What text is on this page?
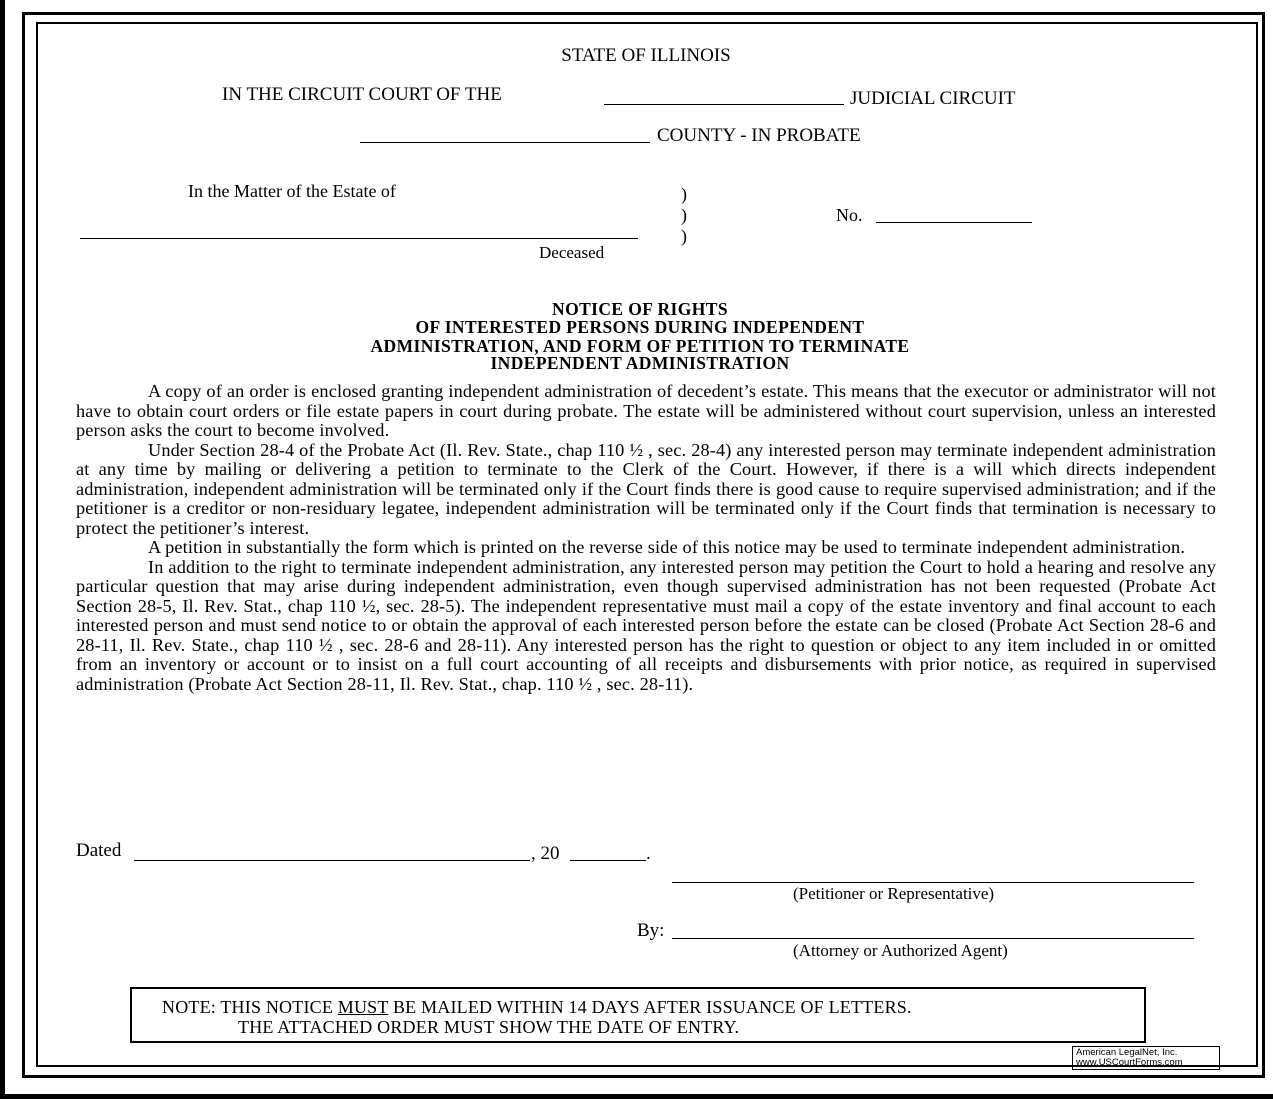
STATE OF ILLINOIS
IN THE CIRCUIT COURT OF THE	JUDICIAL CIRCUIT
COUNTY - IN PROBATE
In the Matter of the Estate of	)
)
)
No.
Deceased
NOTICE OF RIGHTS
OF INTERESTED PERSONS DURING INDEPENDENT
ADMINISTRATION, AND FORM OF PETITION TO TERMINATE
INDEPENDENT ADMINISTRATION

A copy of an order is enclosed granting independent administration of decedent’s estate. This means that the executor or administrator will not have to obtain court orders or file estate papers in court during probate. The estate will be administered without court supervision, unless an interested person asks the court to become involved.

Under Section 28-4 of the Probate Act (Il. Rev. State., chap 110 ½ , sec. 28-4) any interested person may terminate independent administration at any time by mailing or delivering a petition to terminate to the Clerk of the Court. However, if there is a will which directs independent administration, independent administration will be terminated only if the Court finds there is good cause to require supervised administration; and if the petitioner is a creditor or non-residuary legatee, independent administration will be terminated only if the Court finds that termination is necessary to protect the petitioner’s interest.

A petition in substantially the form which is printed on the reverse side of this notice may be used to terminate independent administration.

In addition to the right to terminate independent administration, any interested person may petition the Court to hold a hearing and resolve any particular question that may arise during independent administration, even though supervised administration has not been requested (Probate Act Section 28-5, Il. Rev. Stat., chap 110 ½, sec. 28-5). The independent representative must mail a copy of the estate inventory and final account to each interested person and must send notice to or obtain the approval of each interested person before the estate can be closed (Probate Act Section 28-6 and 28-11, Il. Rev. State., chap 110 ½ , sec. 28-6 and 28-11). Any interested person has the right to question or object to any item included in or omitted from an inventory or account or to insist on a full court accounting of all receipts and disbursements with prior notice, as required in supervised administration (Probate Act Section 28-11, Il. Rev. Stat., chap. 110 ½ , sec. 28-11).

Dated	, 20	.
(Petitioner or Representative)
By:
(Attorney or Authorized Agent)
NOTE: THIS NOTICE MUST BE MAILED WITHIN 14 DAYS AFTER ISSUANCE OF LETTERS.
THE ATTACHED ORDER MUST SHOW THE DATE OF ENTRY.
American LegalNet, Inc.
www.USCourtForms.com
